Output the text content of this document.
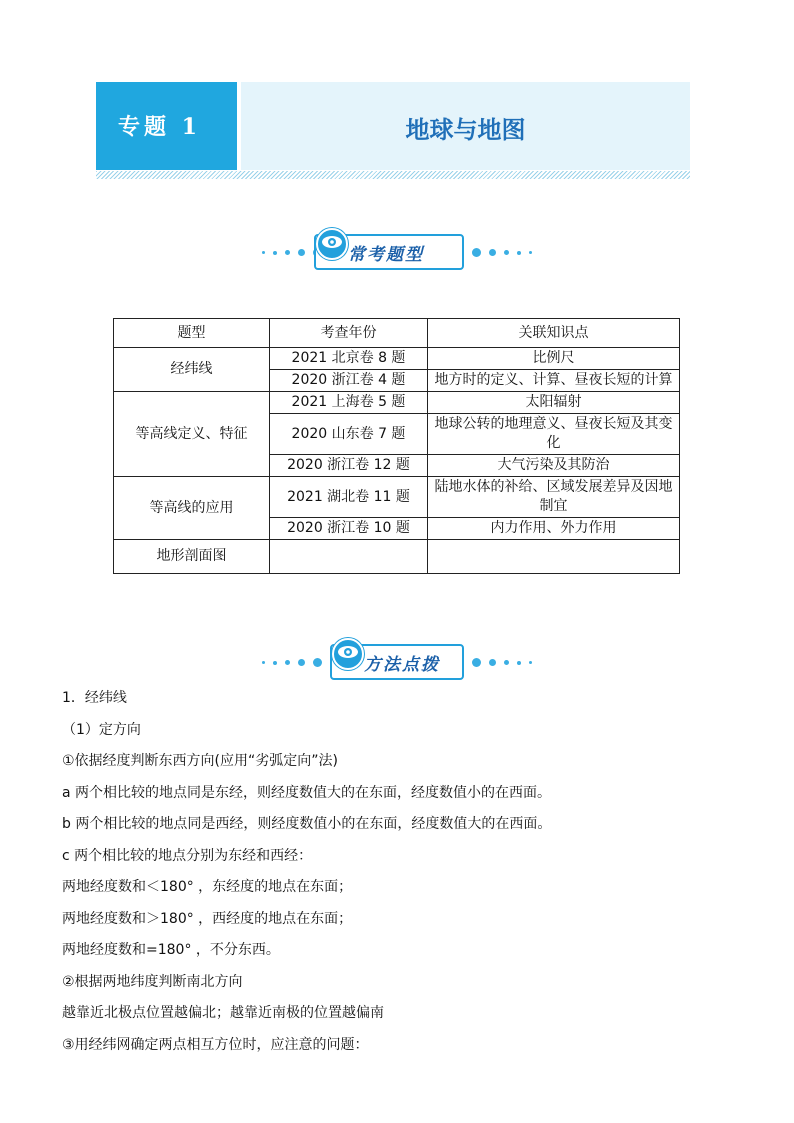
专题 1	地球与地图
常考题型
题型	考查年份	关联知识点
经纬线	2021 北京卷 8 题	比例尺
	2020 浙江卷 4 题	地方时的定义、计算、昼夜长短的计算
等高线定义、特征	2021 上海卷 5 题	太阳辐射
	2020 山东卷 7 题	地球公转的地理意义、昼夜长短及其变化
	2020 浙江卷 12 题	大气污染及其防治
等高线的应用	2021 湖北卷 11 题	陆地水体的补给、区域发展差异及因地制宜
	2020 浙江卷 10 题	内力作用、外力作用
地形剖面图		
方法点拨

1．经纬线

（1）定方向

①依据经度判断东西方向(应用“劣弧定向”法)

a 两个相比较的地点同是东经，则经度数值大的在东面，经度数值小的在西面。

b 两个相比较的地点同是西经，则经度数值小的在东面，经度数值大的在西面。

c 两个相比较的地点分别为东经和西经：

两地经度数和＜180° ，东经度的地点在东面；

两地经度数和＞180° ，西经度的地点在东面；

两地经度数和=180° ，不分东西。

②根据两地纬度判断南北方向

越靠近北极点位置越偏北；越靠近南极的位置越偏南

③用经纬网确定两点相互方位时，应注意的问题：
